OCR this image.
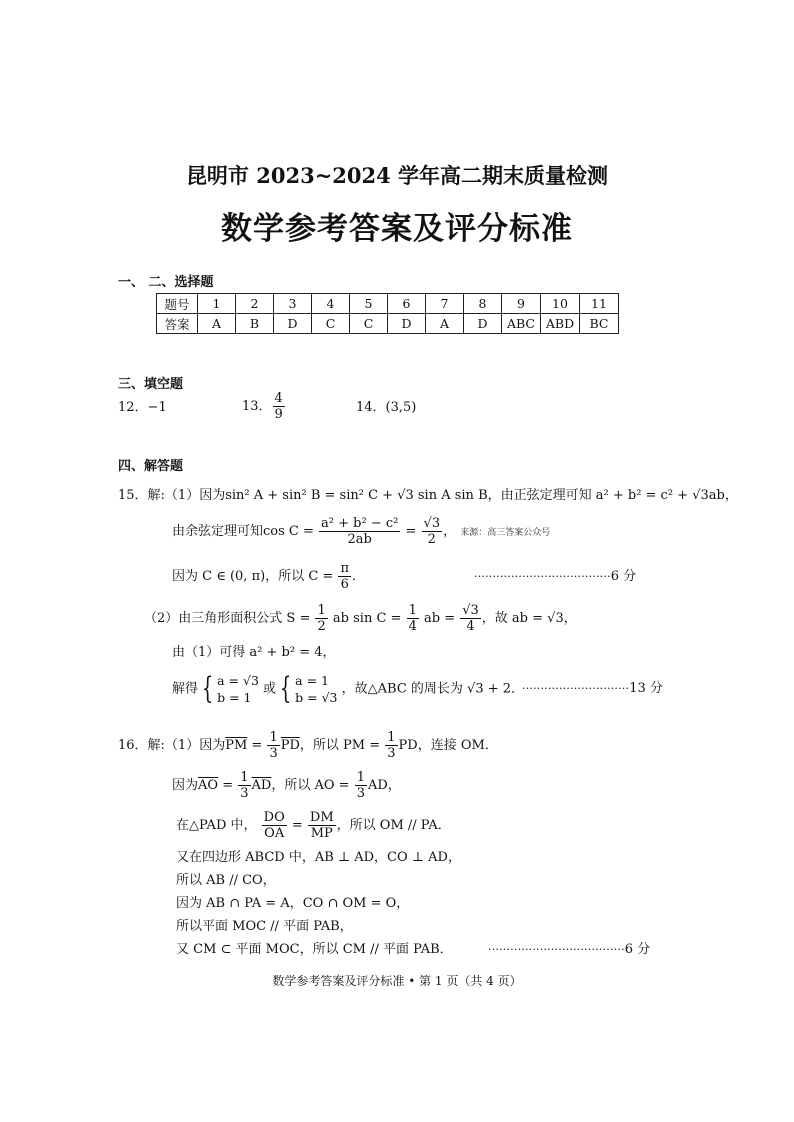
昆明市 2023~2024 学年高二期末质量检测
数学参考答案及评分标准
一、 二、选择题
题号	1	2	3	4	5	6	7	8	9	10	11
答案	A	B	D	C	C	D	A	D	ABC	ABD	BC
三、填空题
12．−1	13． $\frac{4}{9}$	14．(3,5)
四、解答题
15．解:（1）因为sin² A + sin² B = sin² C + √3 sin A sin B，由正弦定理可知 a² + b² = c² + √3ab，
由余弦定理可知$\cos C = \frac{\text{a² + b² − c²}}{2ab} = \frac{√3}{2}$ ， 来源：高三答案公众号
因为 C ∈ (0, π)，所以 $C = \frac{\pi}{6}$ ．	·····································6 分
（2）由三角形面积公式 $S = \frac{1}{2}$ ab $\sin C = \frac{1}{4}$ ab = $\frac{√3}{4}$ ，故 ab = √3，
由（1）可得 a² + b² = 4，
解得 { a = √3
b = 1
或 { a = 1
b = √3
，故△ABC 的周长为 √3 + 2．
·····························13 分
16．解:（1）因为$\overline{PM} = \frac{1}{3} \overline{PD}$，所以 PM = $\frac{1}{3}$ PD，连接 OM．
因为$\overline{AO} = \frac{1}{3} \overline{AD}$，所以 AO = $\frac{1}{3}$ AD，
在△PAD 中， $\frac{DO}{OA} = \frac{DM}{MP}$ ，所以 OM // PA．
又在四边形 ABCD 中，AB ⊥ AD，CO ⊥ AD，
所以 AB // CO，
因为 AB ∩ PA = A，CO ∩ OM = O，
所以平面 MOC // 平面 PAB，
又 CM ⊂ 平面 MOC，所以 CM // 平面 PAB．	·····································6 分
数学参考答案及评分标准 • 第 1 页（共 4 页）
